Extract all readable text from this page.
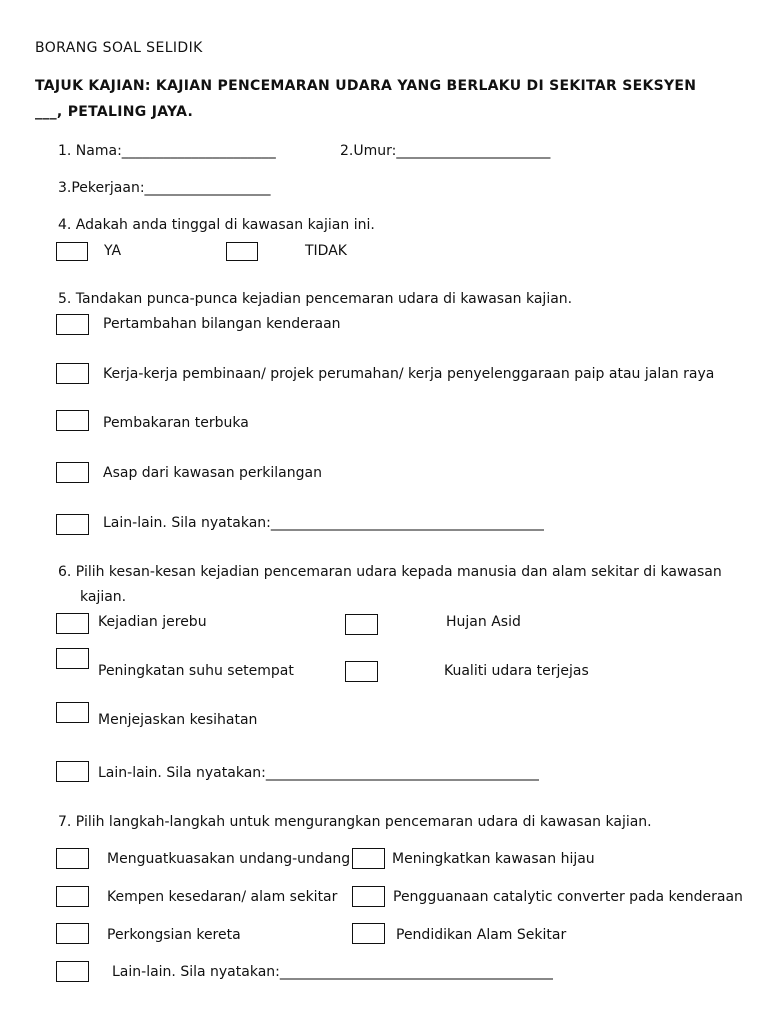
BORANG SOAL SELIDIK
TAJUK KAJIAN: KAJIAN PENCEMARAN UDARA YANG BERLAKU DI SEKITAR SEKSYEN
___, PETALING JAYA.
1. Nama:______________________	2.Umur:______________________
3.Pekerjaan:__________________
4. Adakah anda tinggal di kawasan kajian ini.
YA	TIDAK
5. Tandakan punca-punca kejadian pencemaran udara di kawasan kajian.
Pertambahan bilangan kenderaan
Kerja-kerja pembinaan/ projek perumahan/ kerja penyelenggaraan paip atau jalan raya
Pembakaran terbuka
Asap dari kawasan perkilangan
Lain-lain. Sila nyatakan:_______________________________________
6. Pilih kesan-kesan kejadian pencemaran udara kepada manusia dan alam sekitar di kawasan
kajian.
Kejadian jerebu	Hujan Asid
Peningkatan suhu setempat	Kualiti udara terjejas
Menjejaskan kesihatan
Lain-lain. Sila nyatakan:_______________________________________
7. Pilih langkah-langkah untuk mengurangkan pencemaran udara di kawasan kajian.
Menguatkuasakan undang-undang	Meningkatkan kawasan hijau
Kempen kesedaran/ alam sekitar	Pengguanaan catalytic converter pada kenderaan
Perkongsian kereta	Pendidikan Alam Sekitar
Lain-lain. Sila nyatakan:_______________________________________
